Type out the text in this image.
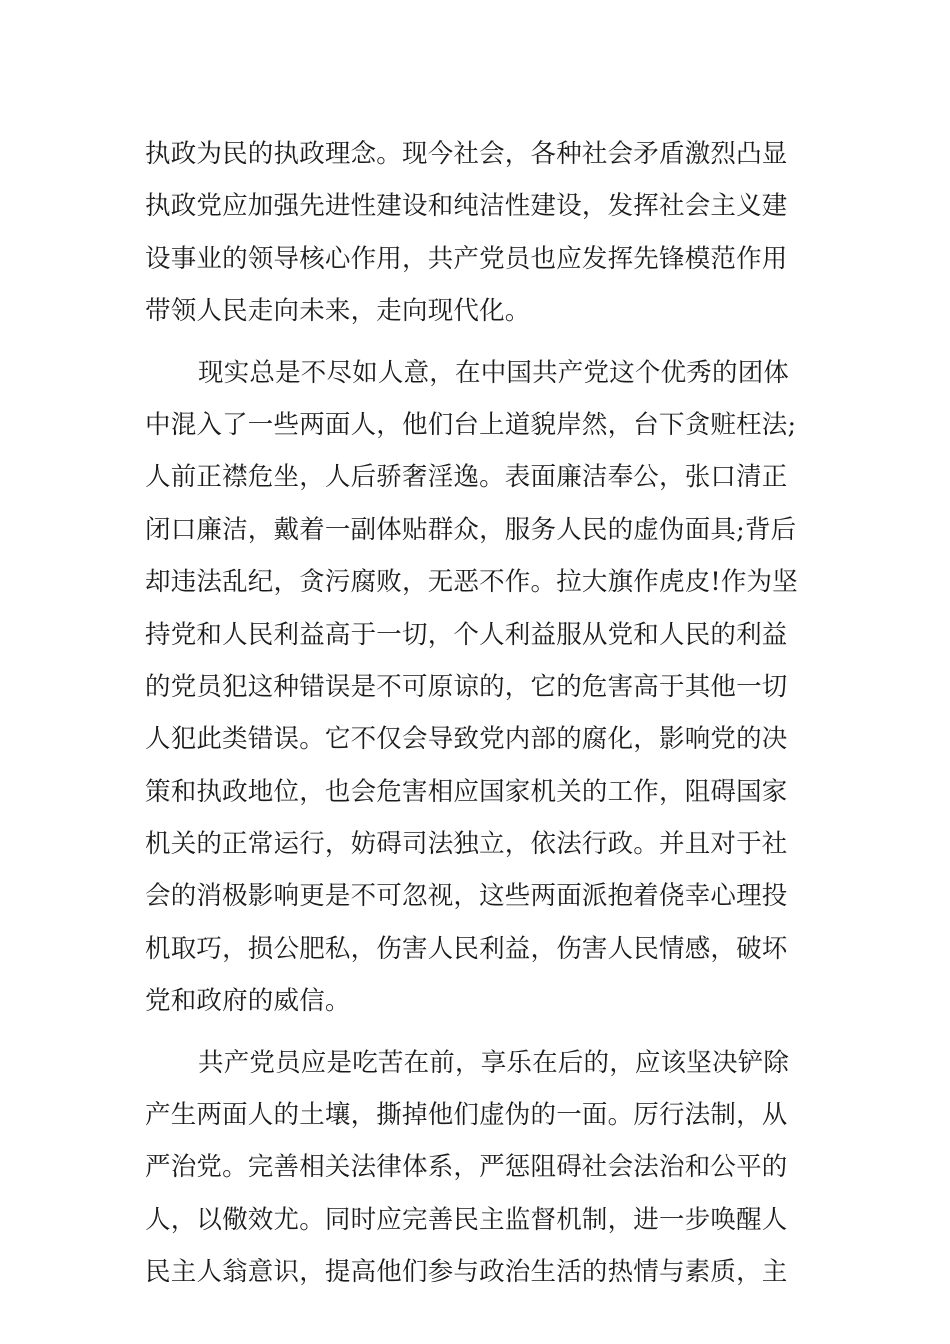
执政为民的执政理念。现今社会，各种社会矛盾激烈凸显
执政党应加强先进性建设和纯洁性建设，发挥社会主义建
设事业的领导核心作用，共产党员也应发挥先锋模范作用
带领人民走向未来，走向现代化。
现实总是不尽如人意，在中国共产党这个优秀的团体
中混入了一些两面人，他们台上道貌岸然，台下贪赃枉法;
人前正襟危坐，人后骄奢淫逸。表面廉洁奉公，张口清正
闭口廉洁，戴着一副体贴群众，服务人民的虚伪面具;背后
却违法乱纪，贪污腐败，无恶不作。拉大旗作虎皮!作为坚
持党和人民利益高于一切，个人利益服从党和人民的利益
的党员犯这种错误是不可原谅的，它的危害高于其他一切
人犯此类错误。它不仅会导致党内部的腐化，影响党的决
策和执政地位，也会危害相应国家机关的工作，阻碍国家
机关的正常运行，妨碍司法独立，依法行政。并且对于社
会的消极影响更是不可忽视，这些两面派抱着侥幸心理投
机取巧，损公肥私，伤害人民利益，伤害人民情感，破坏
党和政府的威信。
共产党员应是吃苦在前，享乐在后的，应该坚决铲除
产生两面人的土壤，撕掉他们虚伪的一面。厉行法制，从
严治党。完善相关法律体系，严惩阻碍社会法治和公平的
人，以儆效尤。同时应完善民主监督机制，进一步唤醒人
民主人翁意识，提高他们参与政治生活的热情与素质，主
